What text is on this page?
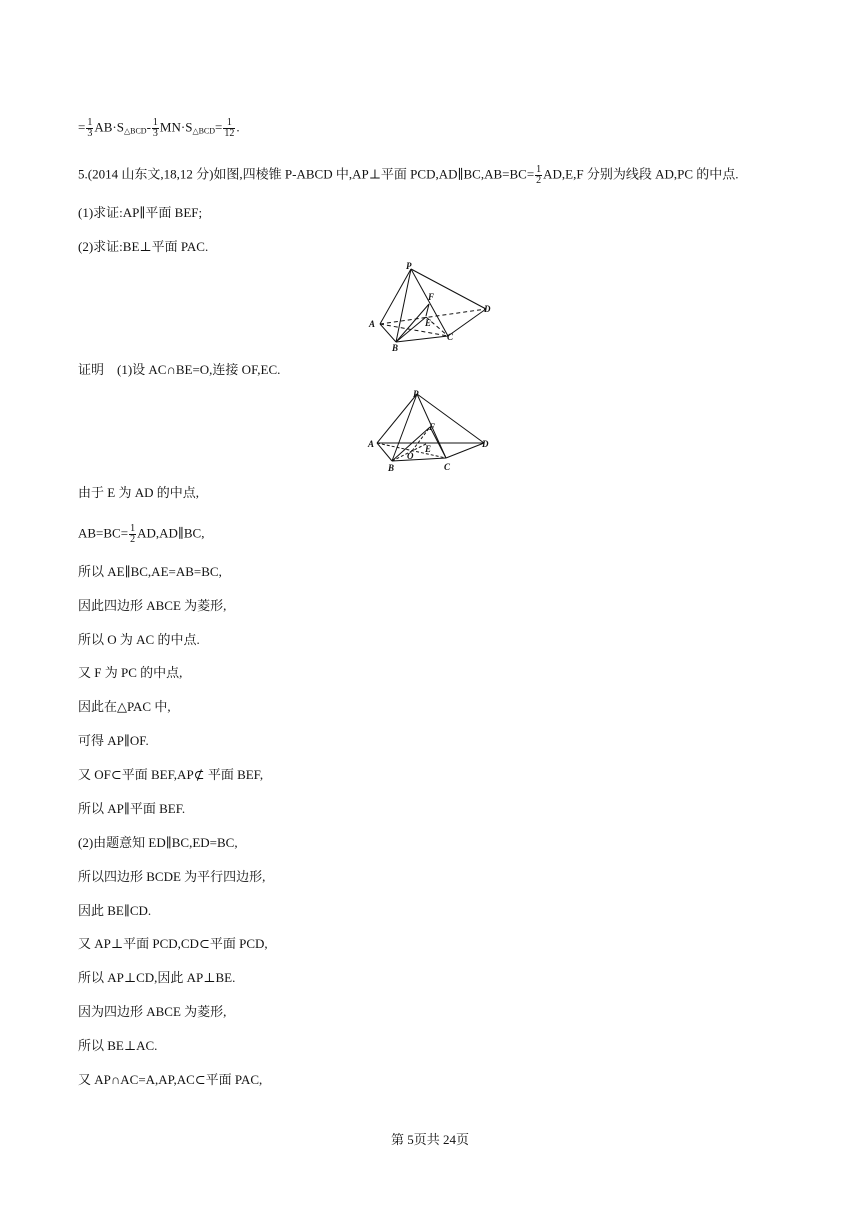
= $\frac{1}{3} AB\cdot S_{\triangle BCD}- \frac{1}{3} MN\cdot S_{\triangle BCD}= \frac{1}{12}$ .
5.(2014 山东文,18,12 分)如图,四棱锥 P-ABCD 中,AP⊥平面 PCD,AD∥BC,AB=BC= $\frac{1}{2} AD,E,F$ 分别为线段 AD,PC 的中点.
(1)求证:AP∥平面 BEF;
(2)求证:BE⊥平面 PAC.
P
F
D
A	E
B
C
证明　(1)设 AC∩BE=O,连接 OF,EC.
P
F
D
A	E
O
B	C
由于 E 为 AD 的中点,
$AB=BC= \frac{1}{2}$ AD,AD∥BC,
所以 AE∥BC,AE=AB=BC,
因此四边形 ABCE 为菱形,
所以 O 为 AC 的中点.
又 F 为 PC 的中点,
因此在△PAC 中,
可得 AP∥OF.
又 OF⊂平面 BEF,AP⊄ 平面 BEF,
所以 AP∥平面 BEF.
(2)由题意知 ED∥BC,ED=BC,
所以四边形 BCDE 为平行四边形,
因此 BE∥CD.
又 AP⊥平面 PCD,CD⊂平面 PCD,
所以 AP⊥CD,因此 AP⊥BE.
因为四边形 ABCE 为菱形,
所以 BE⊥AC.
又 AP∩AC=A,AP,AC⊂平面 PAC,
第 5页共 24页
